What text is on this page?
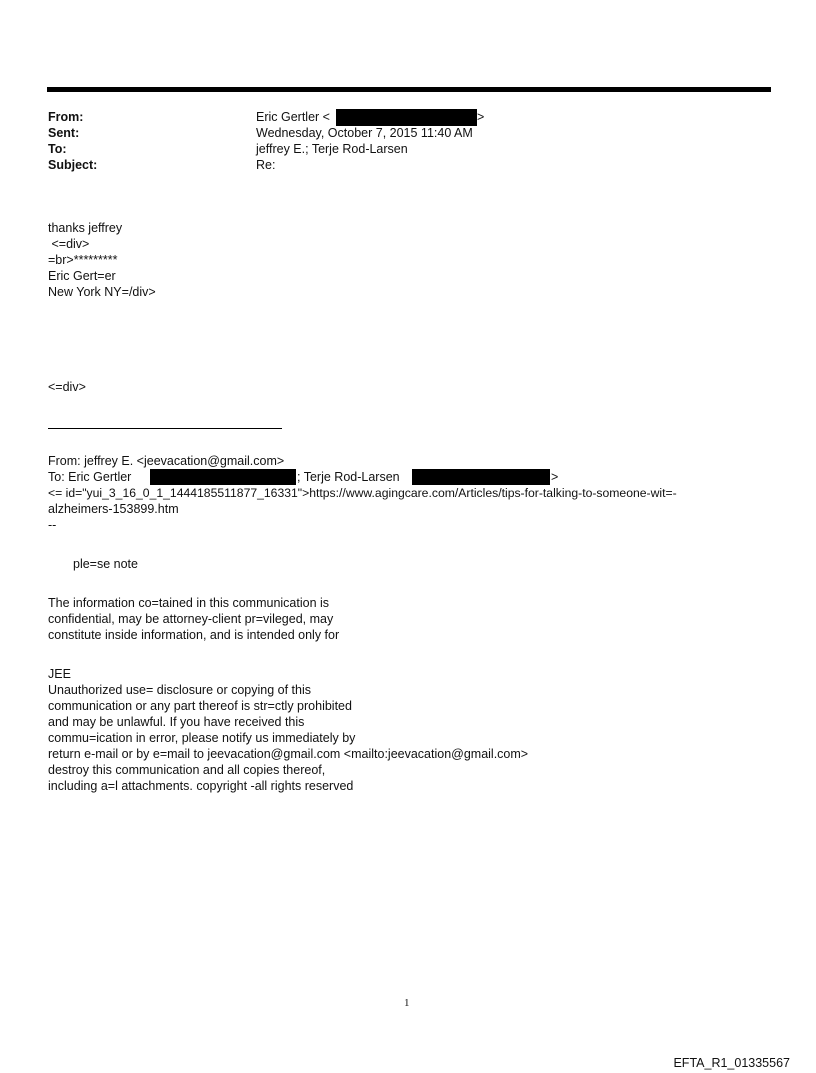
From:	Eric Gertler <	>
Sent:	Wednesday, October 7, 2015 11:40 AM
To:	jeffrey E.; Terje Rod-Larsen
Subject:	Re:
thanks jeffrey
<=div>
=br>*********
Eric Gert=er
New York NY=/div>
<=div>
From: jeffrey E. <jeevacation@gmail.com>
To: Eric Gertler	; Terje Rod-Larsen	>
<= id="yui_3_16_0_1_1444185511877_16331">https://www.agingcare.com/Articles/tips-for-talking-to-someone-wit=-
alzheimers-153899.htm
--
ple=se note
The information co=tained in this communication is
confidential, may be attorney-client pr=vileged, may
constitute inside information, and is intended only for
JEE
Unauthorized use= disclosure or copying of this
communication or any part thereof is str=ctly prohibited
and may be unlawful. If you have received this
commu=ication in error, please notify us immediately by
return e-mail or by e=mail to jeevacation@gmail.com <mailto:jeevacation@gmail.com>
destroy this communication and all copies thereof,
including a=l attachments. copyright -all rights reserved
1
EFTA_R1_01335567
